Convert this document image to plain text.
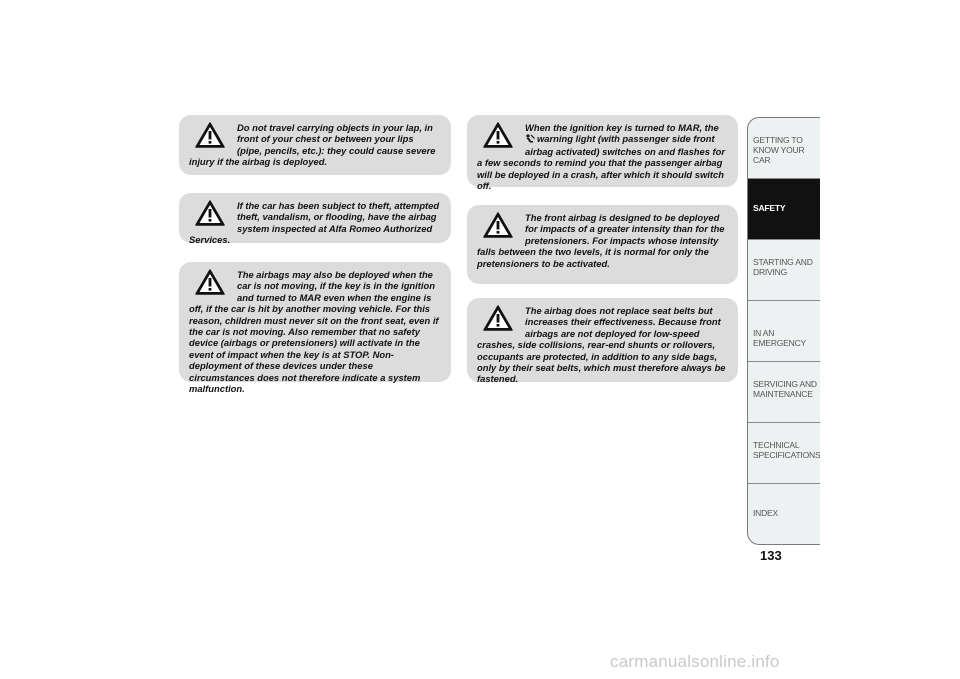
Do not travel carrying objects in your lap, in front of your chest or between your lips (pipe, pencils, etc.): they could cause severe injury if the airbag is deployed.
If the car has been subject to theft, attempted theft, vandalism, or flooding, have the airbag system inspected at Alfa Romeo Authorized Services.
The airbags may also be deployed when the car is not moving, if the key is in the ignition and turned to MAR even when the engine is off, if the car is hit by another moving vehicle. For this reason, children must never sit on the front seat, even if the car is not moving. Also remember that no safety device (airbags or pretensioners) will activate in the event of impact when the key is at STOP. Non-deployment of these devices under these circumstances does not therefore indicate a system malfunction.
When the ignition key is turned to MAR, the
warning light (with passenger side front airbag activated) switches on and flashes for a few seconds to remind you that the passenger airbag will be deployed in a crash, after which it should switch off.
The front airbag is designed to be deployed for impacts of a greater intensity than for the pretensioners. For impacts whose intensity falls between the two levels, it is normal for only the pretensioners to be activated.
The airbag does not replace seat belts but increases their effectiveness. Because front airbags are not deployed for low-speed crashes, side collisions, rear-end shunts or rollovers, occupants are protected, in addition to any side bags, only by their seat belts, which must therefore always be fastened.
GETTING TO KNOW YOUR CAR
SAFETY
STARTING AND DRIVING
IN AN EMERGENCY
SERVICING AND MAINTENANCE
TECHNICAL SPECIFICATIONS
INDEX
133
carmanualsonline.info
